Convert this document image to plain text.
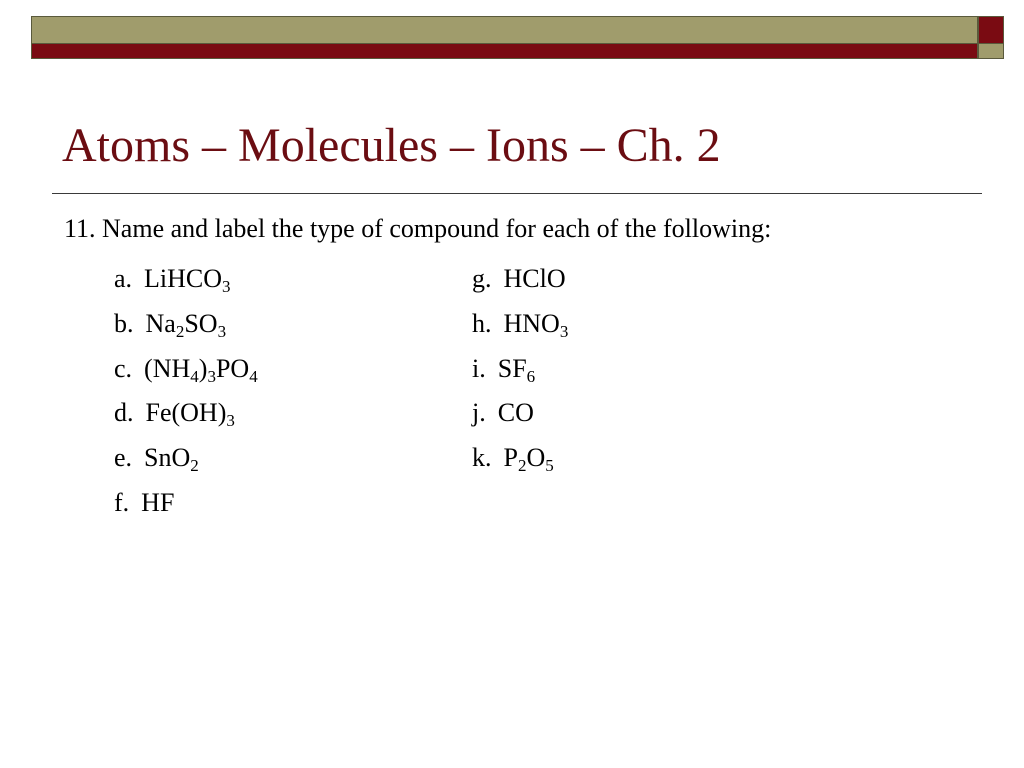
Atoms – Molecules – Ions – Ch. 2
11. Name and label the type of compound for each of the following:
a. LiHCO$_3$
b. $Na_2SO_3$
c. $(NH_4)_3PO_4$
d. $Fe(OH)_3$
e. SnO$_2$
f. HF
g. HClO
h. $HNO_3$
i. $SF_6$
j. CO
k. $P_2O_5$
